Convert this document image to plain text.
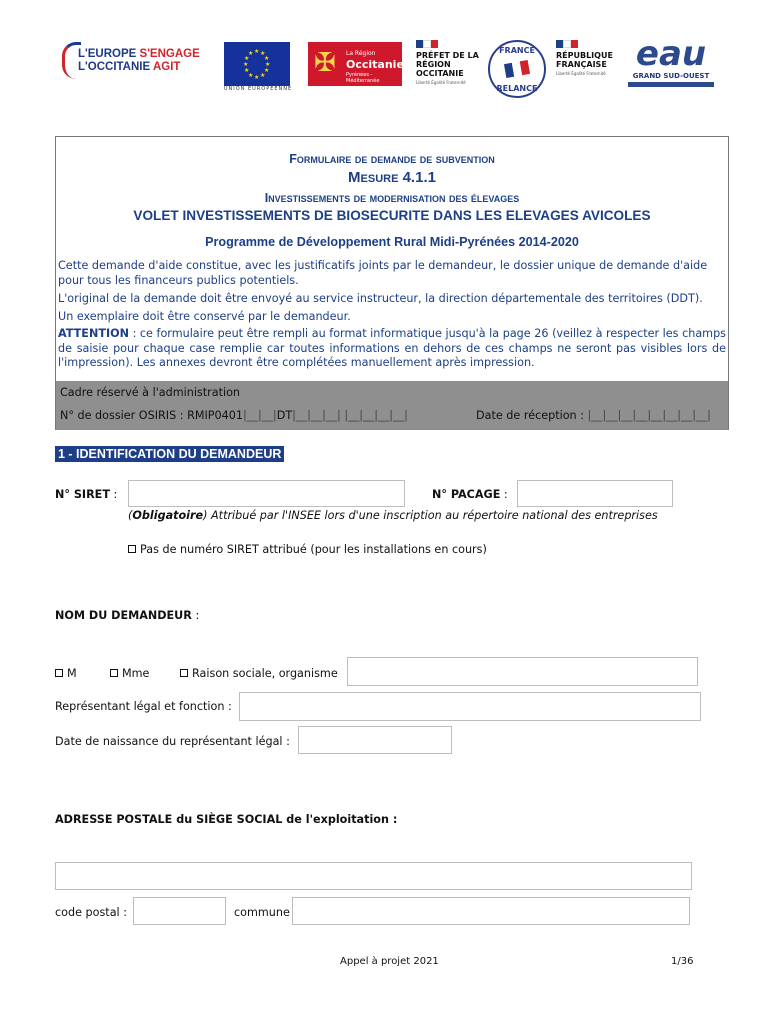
L'EUROPE S'ENGAGE
L'OCCITANIE AGIT
★ ★
★
★
★
★
★
★
★
★
★
★
UNION EUROPÉENNE
✠ La Région
Occitanie
Pyrénées - Méditerranée
PRÉFET DE LA RÉGION OCCITANIE
Liberté Égalité Fraternité
FRANCE
RELANCE
RÉPUBLIQUE FRANÇAISE
Liberté Égalité Fraternité eau
GRAND SUD-OUEST
Formulaire de demande de subvention
Mesure 4.1.1
Investissements de modernisation des élevages
VOLET INVESTISSEMENTS DE BIOSECURITE DANS LES ELEVAGES AVICOLES
Programme de Développement Rural Midi-Pyrénées 2014-2020
Cette demande d'aide constitue, avec les justificatifs joints par le demandeur, le dossier unique de demande d'aide pour tous les financeurs publics potentiels.
L'original de la demande doit être envoyé au service instructeur, la direction départementale des territoires (DDT).
Un exemplaire doit être conservé par le demandeur.
ATTENTION : ce formulaire peut être rempli au format informatique jusqu'à la page 26 (veillez à respecter les champs de saisie pour chaque case remplie car toutes informations en dehors de ces champs ne seront pas visibles lors de l'impression). Les annexes devront être complétées manuellement après impression.
Cadre réservé à l'administration
N° de dossier OSIRIS : RMIP0401|__|__|DT|__|__|__| |__|__|__|__|	Date de réception : |__|__|__|__|__|__|__|__|
1 - IDENTIFICATION DU DEMANDEUR
N° SIRET :	N° PACAGE :
(Obligatoire) Attribué par l'INSEE lors d'une inscription au répertoire national des entreprises
Pas de numéro SIRET attribué (pour les installations en cours)
NOM DU DEMANDEUR :
M	Mme	Raison sociale, organisme
Représentant légal et fonction :
Date de naissance du représentant légal :
ADRESSE POSTALE du SIÈGE SOCIAL de l'exploitation :
code postal :	commune
Appel à projet 2021	1/36
